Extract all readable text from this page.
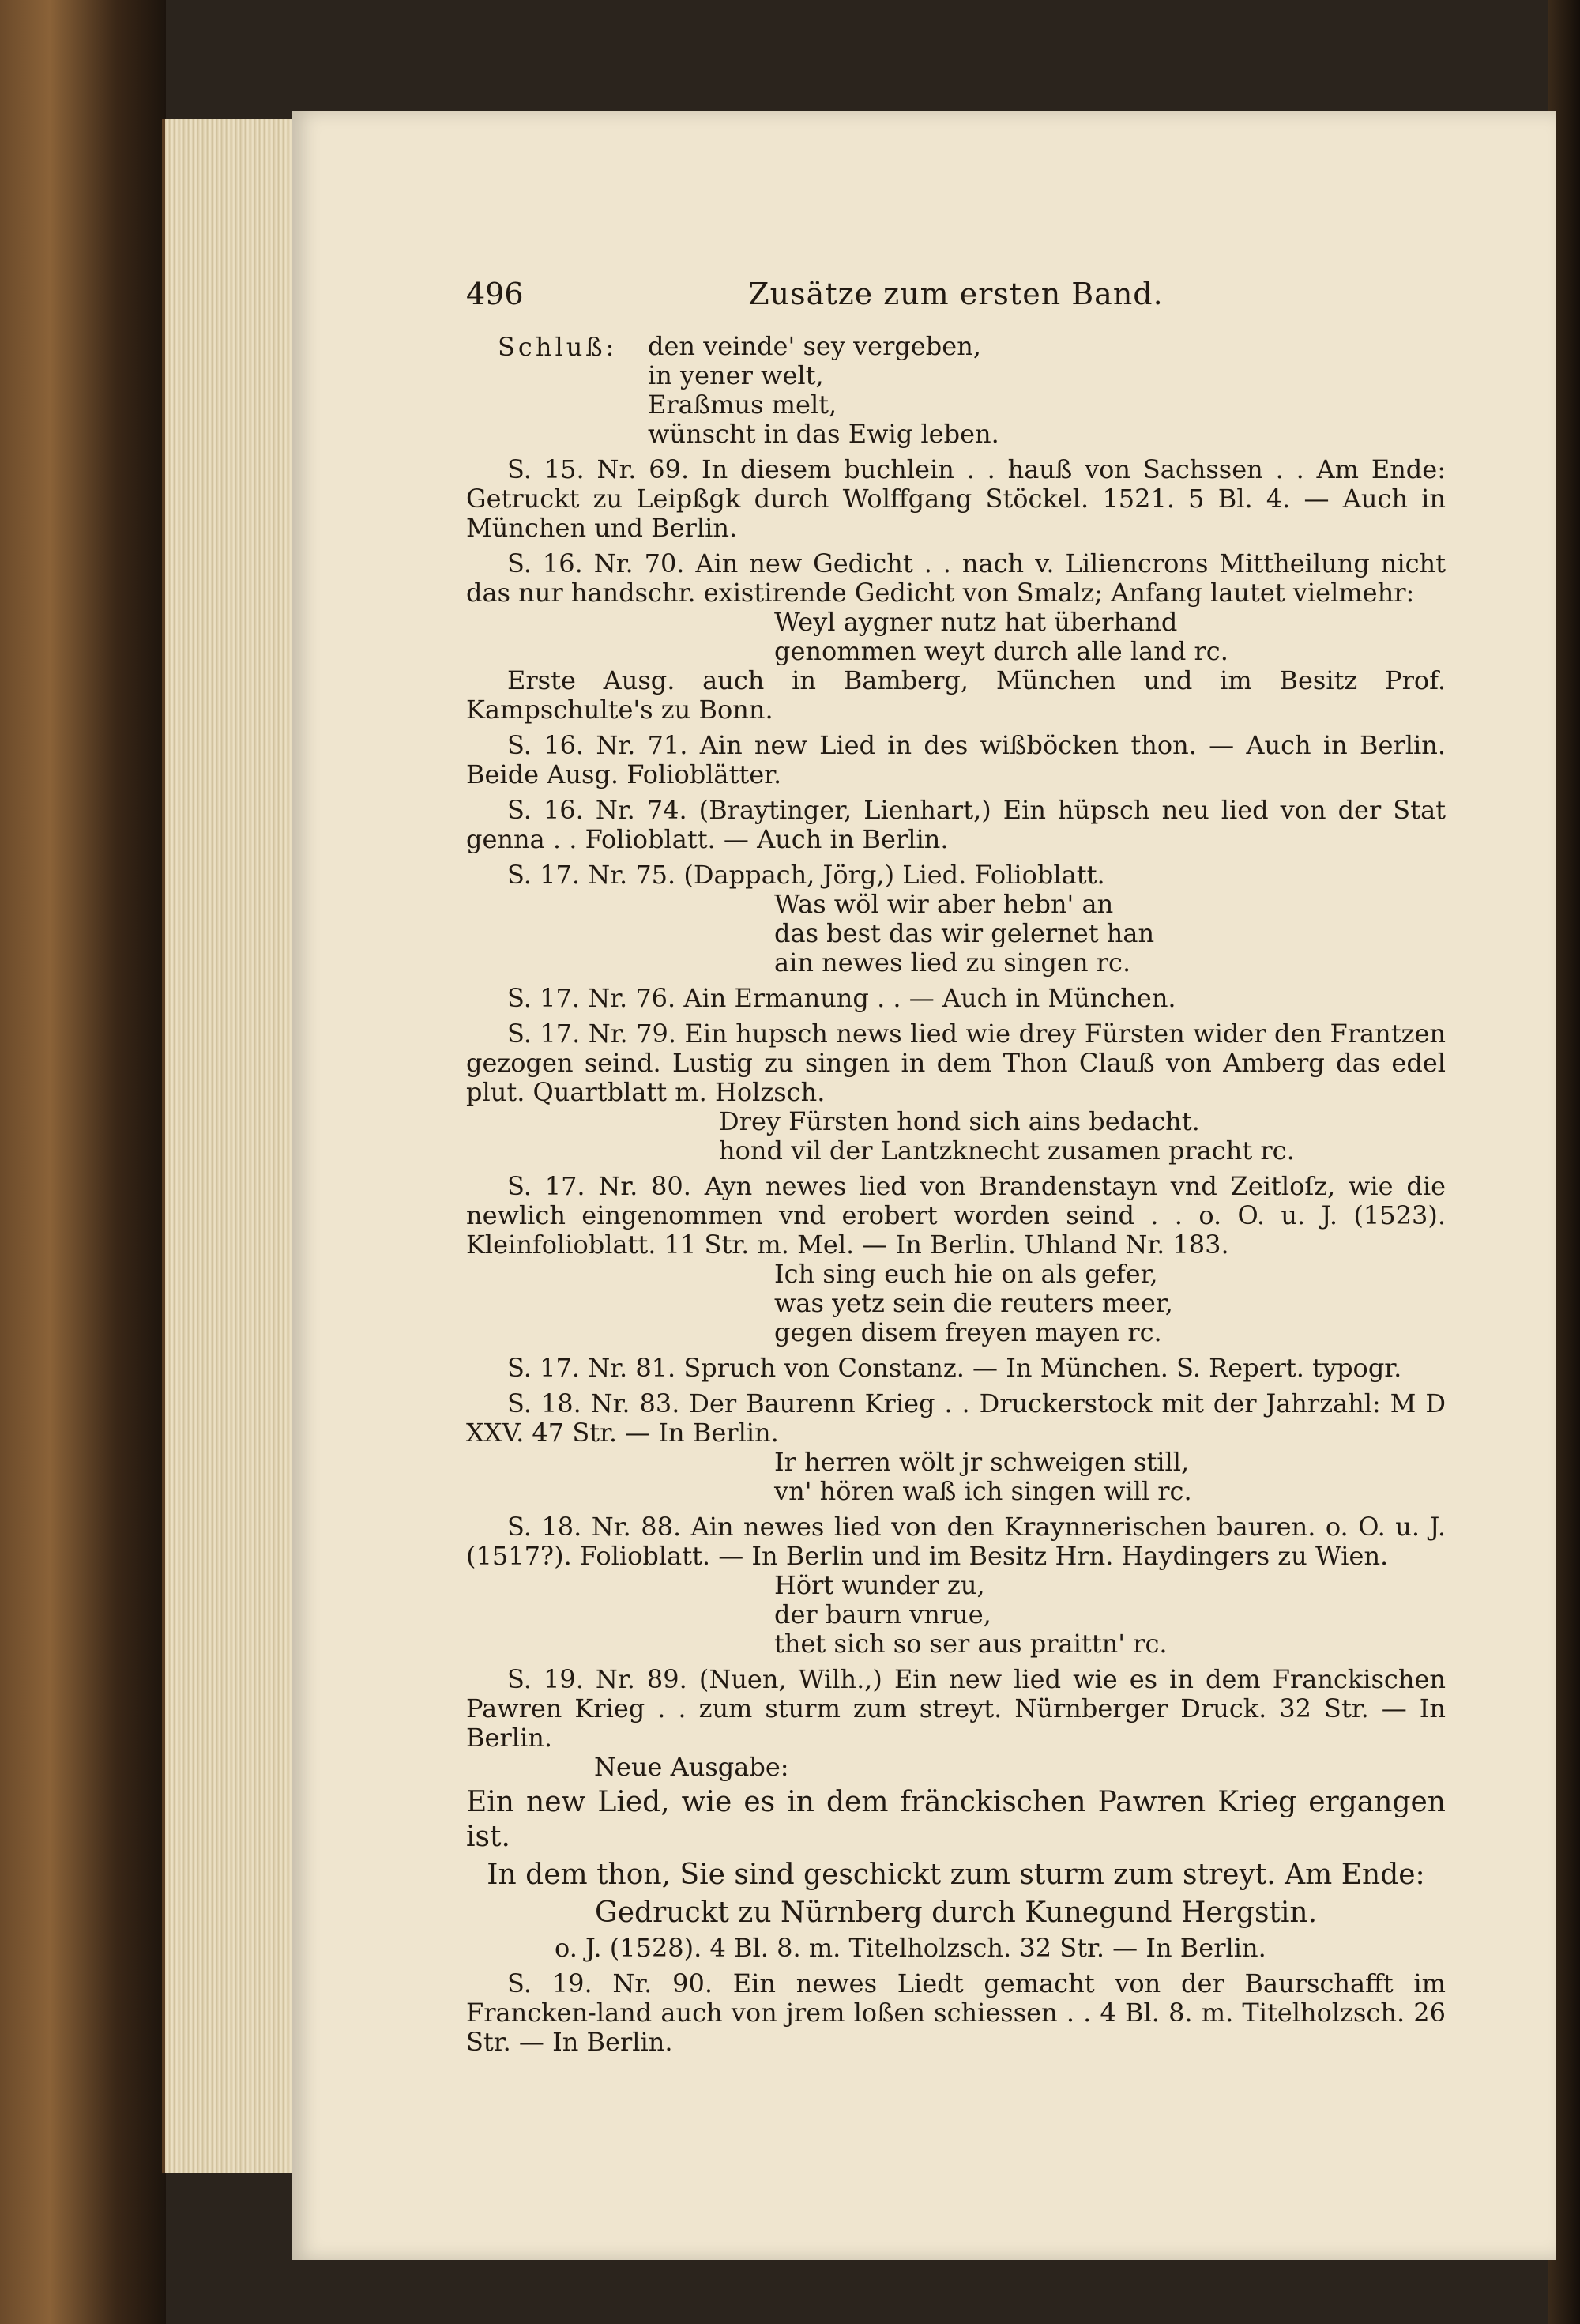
496	Zusätze zum ersten Band.
Schluß:	den veinde' sey vergeben,
in yener welt,
Eraßmus melt,
wünscht in das Ewig leben.

S. 15. Nr. 69. In diesem buchlein . . hauß von Sachssen . . Am Ende: Getruckt zu Leipßgk durch Wolffgang Stöckel. 1521. 5 Bl. 4. — Auch in München und Berlin.

S. 16. Nr. 70. Ain new Gedicht . . nach v. Liliencrons Mittheilung nicht das nur handschr. existirende Gedicht von Smalz; Anfang lautet vielmehr:

Weyl aygner nutz hat überhand
genommen weyt durch alle land rc.

Erste Ausg. auch in Bamberg, München und im Besitz Prof. Kampschulte's zu Bonn.

S. 16. Nr. 71. Ain new Lied in des wißböcken thon. — Auch in Berlin. Beide Ausg. Folioblätter.

S. 16. Nr. 74. (Braytinger, Lienhart,) Ein hüpsch neu lied von der Stat genna . . Folioblatt. — Auch in Berlin.

S. 17. Nr. 75. (Dappach, Jörg,) Lied. Folioblatt.

Was wöl wir aber hebn' an
das best das wir gelernet han
ain newes lied zu singen rc.

S. 17. Nr. 76. Ain Ermanung . . — Auch in München.

S. 17. Nr. 79. Ein hupsch news lied wie drey Fürsten wider den Frantzen gezogen seind. Lustig zu singen in dem Thon Clauß von Amberg das edel plut. Quartblatt m. Holzsch.

Drey Fürsten hond sich ains bedacht.
hond vil der Lantzknecht zusamen pracht rc.

S. 17. Nr. 80. Ayn newes lied von Brandenstayn vnd Zeitloſz, wie die newlich eingenommen vnd erobert worden seind . . o. O. u. J. (1523). Kleinfolioblatt. 11 Str. m. Mel. — In Berlin. Uhland Nr. 183.

Ich sing euch hie on als gefer,
was yetz sein die reuters meer,
gegen disem freyen mayen rc.

S. 17. Nr. 81. Spruch von Constanz. — In München. S. Repert. typogr.

S. 18. Nr. 83. Der Baurenn Krieg . . Druckerstock mit der Jahrzahl: M D XXV. 47 Str. — In Berlin.

Ir herren wölt jr schweigen still,
vn' hören waß ich singen will rc.

S. 18. Nr. 88. Ain newes lied von den Kraynnerischen bauren. o. O. u. J. (1517?). Folioblatt. — In Berlin und im Besitz Hrn. Haydingers zu Wien.

Hört wunder zu,
der baurn vnrue,
thet sich so ser aus praittn' rc.

S. 19. Nr. 89. (Nuen, Wilh.,) Ein new lied wie es in dem Franckischen Pawren Krieg . . zum sturm zum streyt. Nürnberger Druck. 32 Str. — In Berlin.

Neue Ausgabe:

Ein new Lied, wie es in dem fränckischen Pawren Krieg ergangen ist.

In dem thon, Sie sind geschickt zum sturm zum streyt. Am Ende:

Gedruckt zu Nürnberg durch Kunegund Hergstin.

o. J. (1528). 4 Bl. 8. m. Titelholzsch. 32 Str. — In Berlin.

S. 19. Nr. 90. Ein newes Liedt gemacht von der Baurschafft im Francken-land auch von jrem loßen schiessen . . 4 Bl. 8. m. Titelholzsch. 26 Str. — In Berlin.
